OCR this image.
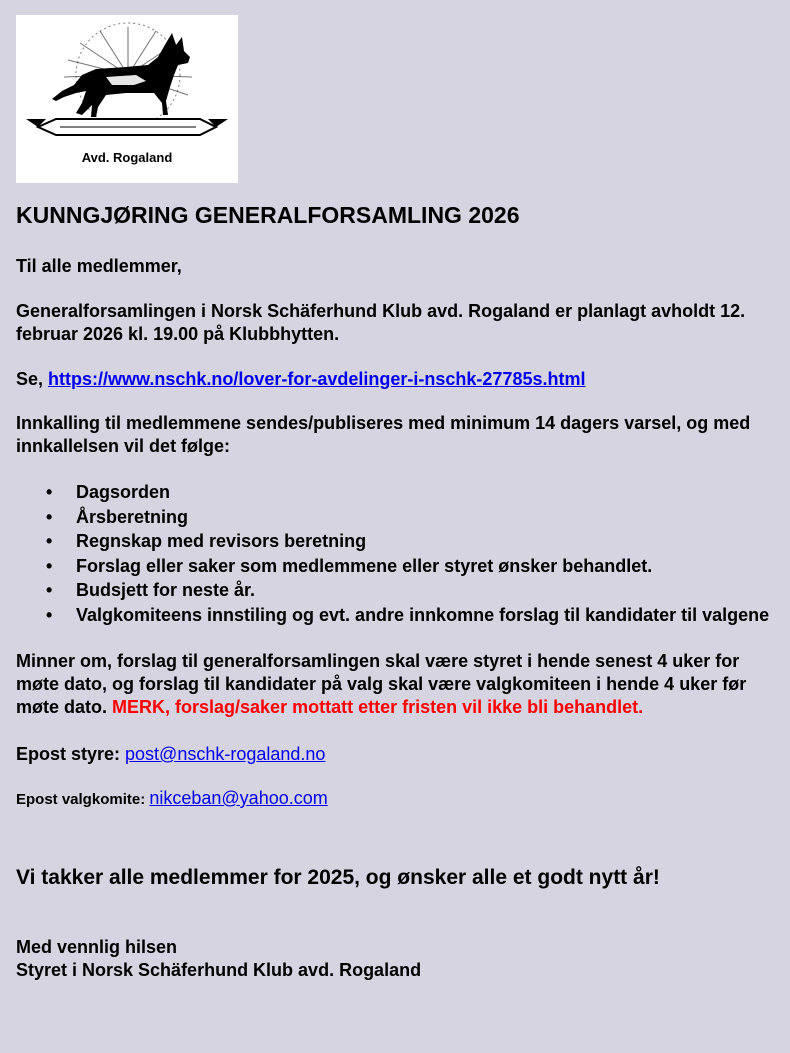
Avd. Rogaland
KUNNGJØRING GENERALFORSAMLING 2026

Til alle medlemmer,

Generalforsamlingen i Norsk Schäferhund Klub avd. Rogaland er planlagt avholdt 12. februar 2026 kl. 19.00 på Klubbhytten.

Se, https://www.nschk.no/lover-for-avdelinger-i-nschk-27785s.html

Innkalling til medlemmene sendes/publiseres med minimum 14 dagers varsel, og med innkallelsen vil det følge:

• Dagsorden
• Årsberetning
• Regnskap med revisors beretning
• Forslag eller saker som medlemmene eller styret ønsker behandlet.
• Budsjett for neste år.
• Valgkomiteens innstiling og evt. andre innkomne forslag til kandidater til valgene

Minner om, forslag til generalforsamlingen skal være styret i hende senest 4 uker for møte dato, og forslag til kandidater på valg skal være valgkomiteen i hende 4 uker før møte dato. MERK, forslag/saker mottatt etter fristen vil ikke bli behandlet.

Epost styre: post@nschk-rogaland.no

Epost valgkomite: nikceban@yahoo.com

Vi takker alle medlemmer for 2025, og ønsker alle et godt nytt år!

Med vennlig hilsen

Styret i Norsk Schäferhund Klub avd. Rogaland
